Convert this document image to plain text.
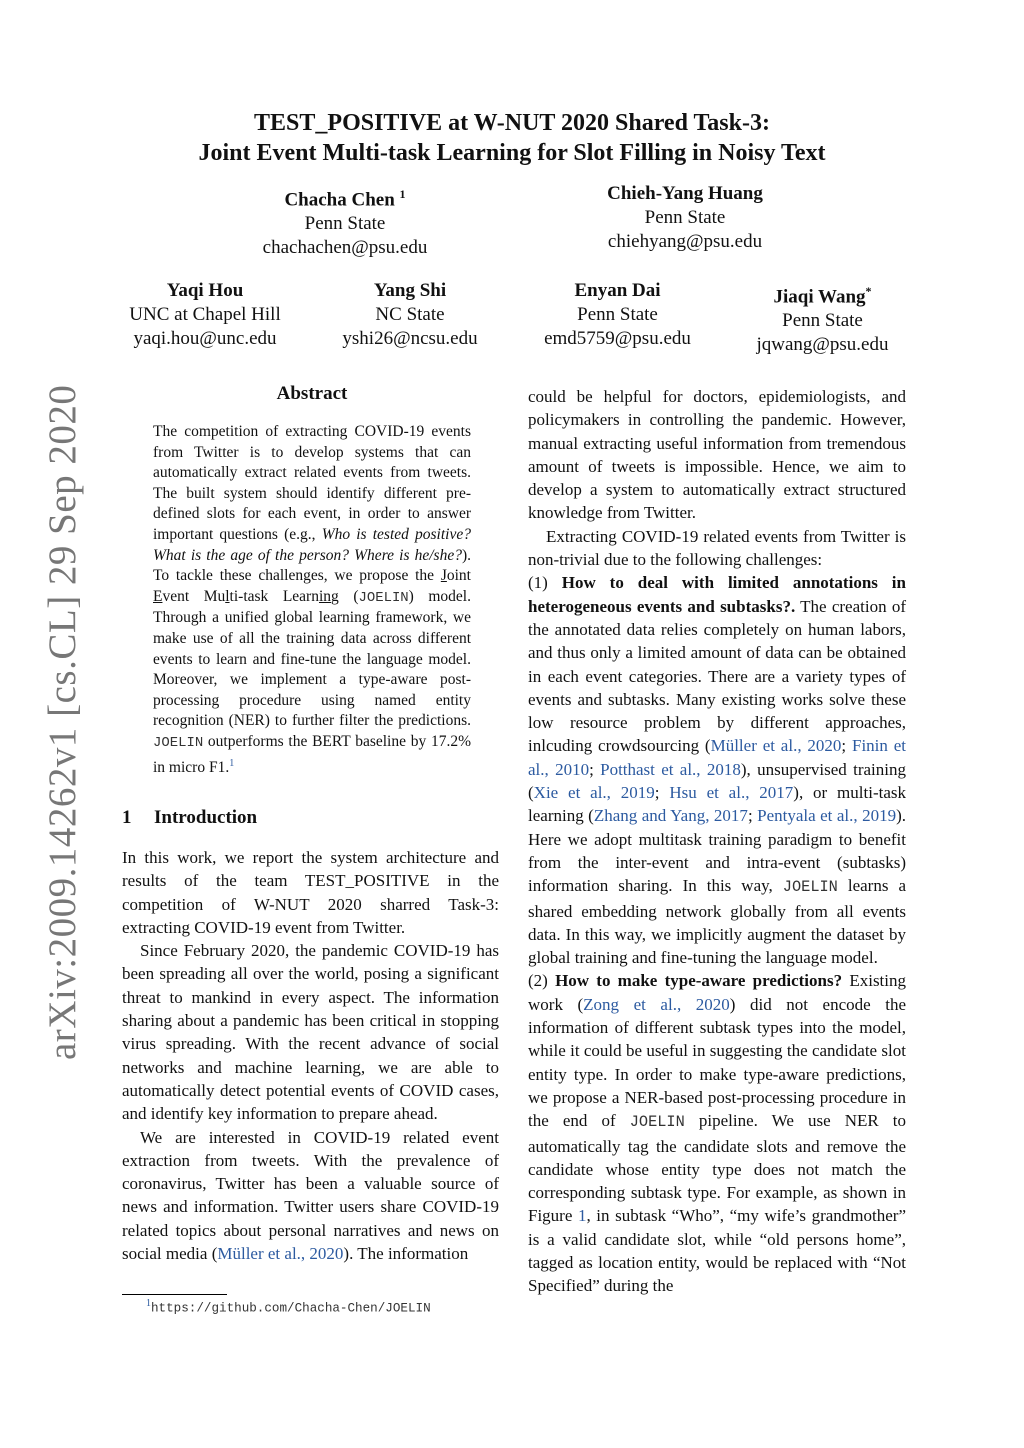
arXiv:2009.14262v1 [cs.CL] 29 Sep 2020
TEST_POSITIVE at W-NUT 2020 Shared Task-3:
Joint Event Multi-task Learning for Slot Filling in Noisy Text
Chacha Chen $^1$
Penn State
chachachen@psu.edu
Chieh-Yang Huang
Penn State
chiehyang@psu.edu
Yaqi Hou
UNC at Chapel Hill
yaqi.hou@unc.edu
Yang Shi
NC State
yshi26@ncsu.edu
Enyan Dai
Penn State
emd5759@psu.edu
Jiaqi Wang*
Penn State
jqwang@psu.edu
Abstract
The competition of extracting COVID-19 events from Twitter is to develop systems that can automatically extract related events from tweets. The built system should identify different pre-defined slots for each event, in order to answer important questions (e.g., Who is tested positive? What is the age of the person? Where is he/she?). To tackle these challenges, we propose the Joint Event Multi-task Learning (JOELIN) model. Through a unified global learning framework, we make use of all the training data across different events to learn and fine-tune the language model. Moreover, we implement a type-aware post-processing procedure using named entity recognition (NER) to further filter the predictions. JOELIN outperforms the BERT baseline by 17.2% in micro F1.$^1$
1 Introduction

In this work, we report the system architecture and results of the team TEST_POSITIVE in the competition of W-NUT 2020 sharred Task-3: extracting COVID-19 event from Twitter.

Since February 2020, the pandemic COVID-19 has been spreading all over the world, posing a significant threat to mankind in every aspect. The information sharing about a pandemic has been critical in stopping virus spreading. With the recent advance of social networks and machine learning, we are able to automatically detect potential events of COVID cases, and identify key information to prepare ahead.

We are interested in COVID-19 related event extraction from tweets. With the prevalence of coronavirus, Twitter has been a valuable source of news and information. Twitter users share COVID-19 related topics about personal narratives and news on social media (Müller et al., 2020). The information

$^1$https://github.com/Chacha-Chen/JOELIN

could be helpful for doctors, epidemiologists, and policymakers in controlling the pandemic. However, manual extracting useful information from tremendous amount of tweets is impossible. Hence, we aim to develop a system to automatically extract structured knowledge from Twitter.

Extracting COVID-19 related events from Twitter is non-trivial due to the following challenges:

(1) How to deal with limited annotations in heterogeneous events and subtasks?. The creation of the annotated data relies completely on human labors, and thus only a limited amount of data can be obtained in each event categories. There are a variety types of events and subtasks. Many existing works solve these low resource problem by different approaches, inlcuding crowdsourcing (Müller et al., 2020; Finin et al., 2010; Potthast et al., 2018), unsupervised training (Xie et al., 2019; Hsu et al., 2017), or multi-task learning (Zhang and Yang, 2017; Pentyala et al., 2019). Here we adopt multitask training paradigm to benefit from the inter-event and intra-event (subtasks) information sharing. In this way, JOELIN learns a shared embedding network globally from all events data. In this way, we implicitly augment the dataset by global training and fine-tuning the language model.

(2) How to make type-aware predictions? Existing work (Zong et al., 2020) did not encode the information of different subtask types into the model, while it could be useful in suggesting the candidate slot entity type. In order to make type-aware predictions, we propose a NER-based post-processing procedure in the end of JOELIN pipeline. We use NER to automatically tag the candidate slots and remove the candidate whose entity type does not match the corresponding subtask type. For example, as shown in Figure 1, in subtask “Who”, “my wife’s grandmother” is a valid candidate slot, while “old persons home”, tagged as location entity, would be replaced with “Not Specified” during the
